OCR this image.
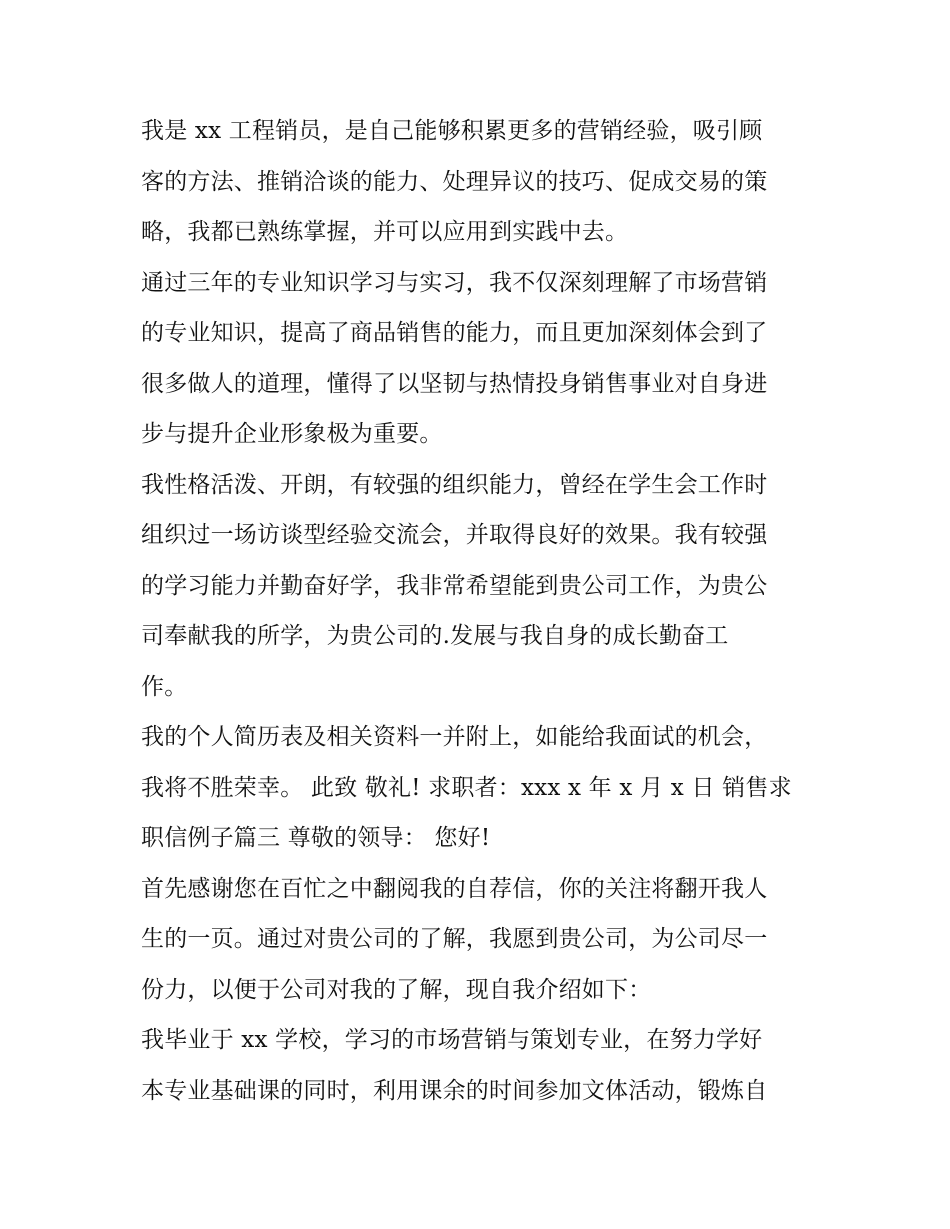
我是 xx 工程销员，是自己能够积累更多的营销经验，吸引顾
客的方法、推销洽谈的能力、处理异议的技巧、促成交易的策
略，我都已熟练掌握，并可以应用到实践中去。
通过三年的专业知识学习与实习，我不仅深刻理解了市场营销
的专业知识，提高了商品销售的能力，而且更加深刻体会到了
很多做人的道理，懂得了以坚韧与热情投身销售事业对自身进
步与提升企业形象极为重要。
我性格活泼、开朗，有较强的组织能力，曾经在学生会工作时
组织过一场访谈型经验交流会，并取得良好的效果。我有较强
的学习能力并勤奋好学，我非常希望能到贵公司工作，为贵公
司奉献我的所学，为贵公司的.发展与我自身的成长勤奋工
作。
我的个人简历表及相关资料一并附上，如能给我面试的机会，
我将不胜荣幸。 此致 敬礼! 求职者：xxx x 年 x 月 x 日 销售求
职信例子篇三 尊敬的领导： 您好!
首先感谢您在百忙之中翻阅我的自荐信，你的关注将翻开我人
生的一页。通过对贵公司的了解，我愿到贵公司，为公司尽一
份力，以便于公司对我的了解，现自我介绍如下：
我毕业于 xx 学校，学习的市场营销与策划专业，在努力学好
本专业基础课的同时，利用课余的时间参加文体活动，锻炼自
